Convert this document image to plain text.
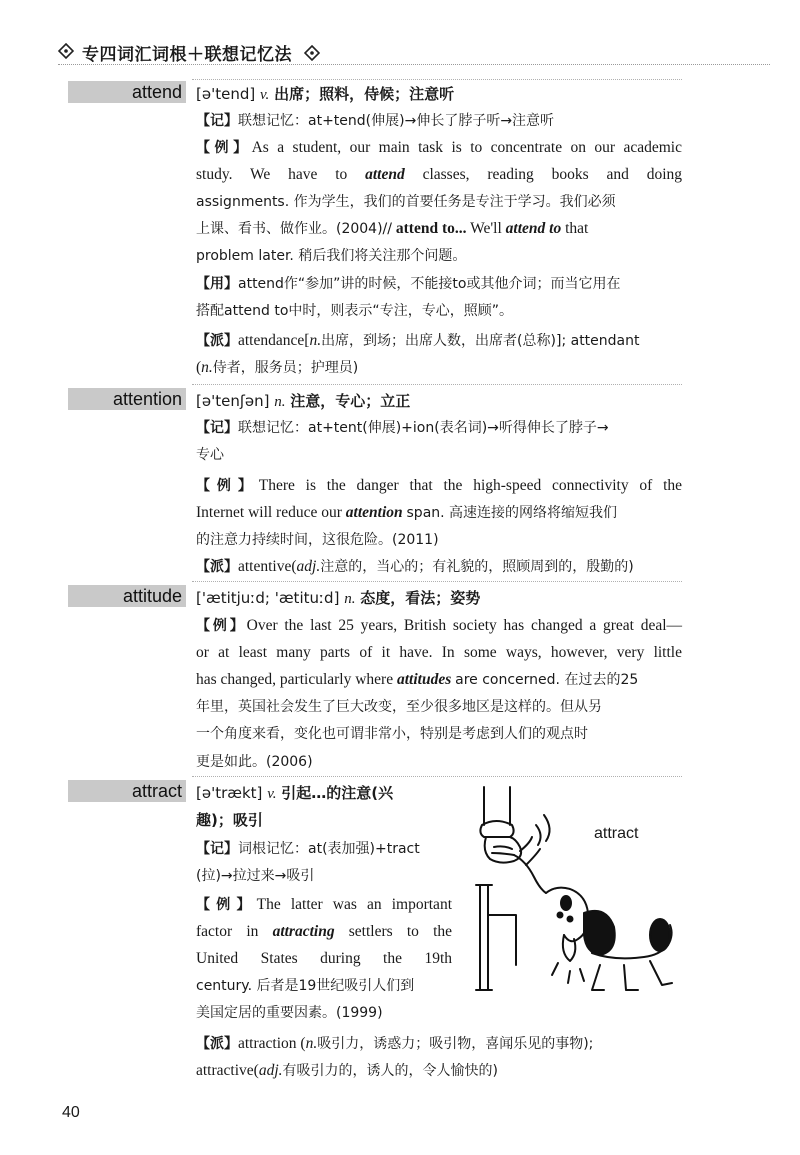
专四词汇词根＋联想记忆法
attend [ə'tend] v. 出席；照料，侍候；注意听
【记】联想记忆：at+tend(伸展)→伸长了脖子听→注意听
【例】As a student, our main task is to concentrate on our academic
study. We have to attend classes, reading books and doing
assignments. 作为学生，我们的首要任务是专注于学习。我们必须
上课、看书、做作业。(2004)// attend to... We'll attend to that
problem later. 稍后我们将关注那个问题。
【用】attend作“参加”讲的时候，不能接to或其他介词；而当它用在
搭配attend to中时，则表示“专注，专心，照顾”。
【派】attendance[n.出席，到场；出席人数，出席者(总称)]; attendant
(n.侍者，服务员；护理员)
attention [ə'tenʃən] n. 注意，专心；立正
【记】联想记忆：at+tent(伸展)+ion(表名词)→听得伸长了脖子→
专心
【例】There is the danger that the high-speed connectivity of the
Internet will reduce our attention span. 高速连接的网络将缩短我们
的注意力持续时间，这很危险。(2011)
【派】attentive(adj.注意的，当心的；有礼貌的，照顾周到的，殷勤的)
attitude ['ætitjuːd; 'ætituːd] n. 态度，看法；姿势
【例】Over the last 25 years, British society has changed a great deal—
or at least many parts of it have. In some ways, however, very little
has changed, particularly where attitudes are concerned. 在过去的25
年里，英国社会发生了巨大改变，至少很多地区是这样的。但从另
一个角度来看，变化也可谓非常小，特别是考虑到人们的观点时
更是如此。(2006)
attract [ə'trækt] v. 引起…的注意(兴
趣)；吸引
【记】词根记忆：at(表加强)+tract
(拉)→拉过来→吸引
【例】The latter was an important
factor in attracting settlers to the
United States during the 19th
century. 后者是19世纪吸引人们到
美国定居的重要因素。(1999)
【派】attraction (n.吸引力，诱惑力；吸引物，喜闻乐见的事物);
attractive(adj.有吸引力的，诱人的，令人愉快的)
attract
40
